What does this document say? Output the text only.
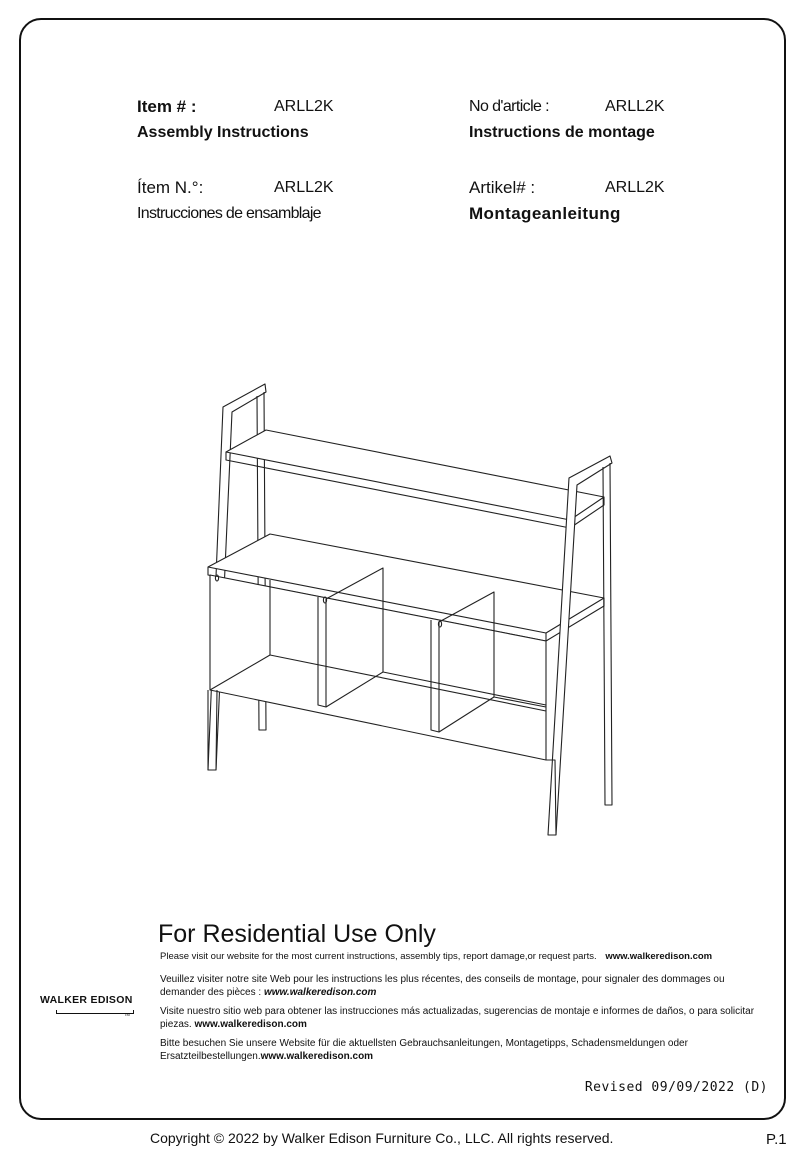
Item # :	ARLL2K
Assembly Instructions
No d'article :	ARLL2K
Instructions de montage
Ítem N.°:	ARLL2K
Instrucciones de ensamblaje
Artikel# :	ARLL2K
Montageanleitung
For Residential Use Only
Please visit our website for the most current instructions, assembly tips, report damage,or request parts. www.walkeredison.com
Veuillez visiter notre site Web pour les instructions les plus récentes, des conseils de montage, pour signaler des dommages ou demander des pièces : www.walkeredison.com
Visite nuestro sitio web para obtener las instrucciones más actualizadas, sugerencias de montaje e informes de daños, o para solicitar piezas. www.walkeredison.com
Bitte besuchen Sie unsere Website für die aktuellsten Gebrauchsanleitungen, Montagetipps, Schadensmeldungen oder Ersatzteilbestellungen.www.walkeredison.com
WALKER EDISON
TM
Revised 09/09/2022 (D)
Copyright © 2022 by Walker Edison Furniture Co., LLC. All rights reserved.	P.1
